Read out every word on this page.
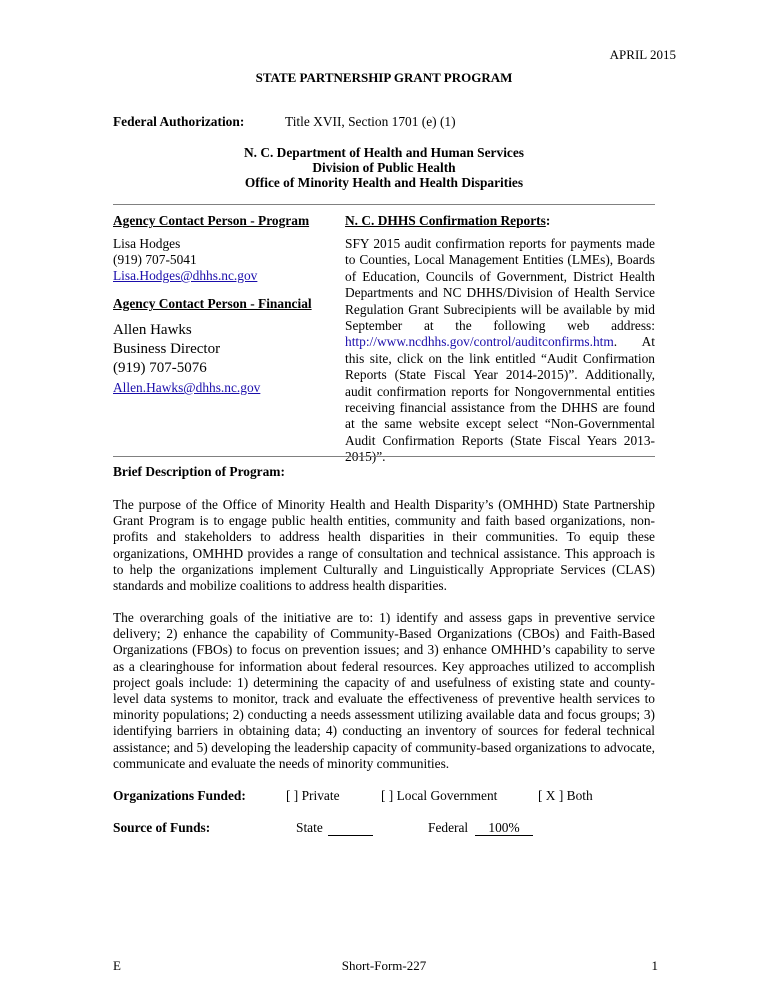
APRIL 2015
STATE PARTNERSHIP GRANT PROGRAM
Federal Authorization:	Title XVII, Section 1701 (e) (1)
N. C. Department of Health and Human Services
Division of Public Health
Office of Minority Health and Health Disparities
Agency Contact Person - Program
Lisa Hodges
(919) 707-5041
Lisa.Hodges@dhhs.nc.gov
Agency Contact Person - Financial
Allen Hawks
Business Director
(919) 707-5076
Allen.Hawks@dhhs.nc.gov
N. C. DHHS Confirmation Reports:
SFY 2015 audit confirmation reports for payments made to Counties, Local Management Entities (LMEs), Boards of Education, Councils of Government, District Health Departments and NC DHHS/Division of Health Service Regulation Grant Subrecipients will be available by mid September at the following web address: http://www.ncdhhs.gov/control/auditconfirms.htm. At this site, click on the link entitled “Audit Confirmation Reports (State Fiscal Year 2014-2015)”. Additionally, audit confirmation reports for Nongovernmental entities receiving financial assistance from the DHHS are found at the same website except select “Non-Governmental Audit Confirmation Reports (State Fiscal Years 2013-2015)”.
Brief Description of Program:
The purpose of the Office of Minority Health and Health Disparity’s (OMHHD) State Partnership Grant Program is to engage public health entities, community and faith based organizations, non-profits and stakeholders to address health disparities in their communities. To equip these organizations, OMHHD provides a range of consultation and technical assistance. This approach is to help the organizations implement Culturally and Linguistically Appropriate Services (CLAS) standards and mobilize coalitions to address health disparities.
The overarching goals of the initiative are to: 1) identify and assess gaps in preventive service delivery; 2) enhance the capability of Community-Based Organizations (CBOs) and Faith-Based Organizations (FBOs) to focus on prevention issues; and 3) enhance OMHHD’s capability to serve as a clearinghouse for information about federal resources. Key approaches utilized to accomplish project goals include: 1) determining the capacity of and usefulness of existing state and county-level data systems to monitor, track and evaluate the effectiveness of preventive health services to minority populations; 2) conducting a needs assessment utilizing available data and focus groups; 3) identifying barriers in obtaining data; 4) conducting an inventory of sources for federal technical assistance; and 5) developing the leadership capacity of community-based organizations to advocate, communicate and evaluate the needs of minority communities.
Organizations Funded:	[ ] Private	[ ] Local Government	[ X ] Both
Source of Funds:	State	Federal	100%
E	Short-Form-227	1
